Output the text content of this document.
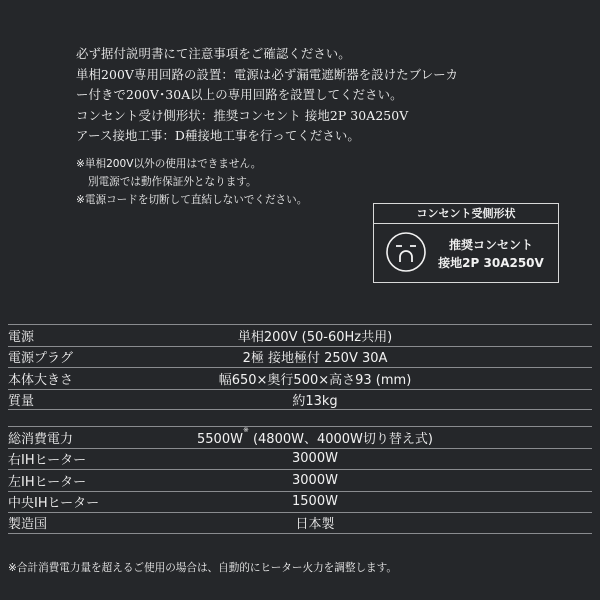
必ず据付説明書にて注意事項をご確認ください。
単相200V専用回路の設置：電源は必ず漏電遮断器を設けたブレーカ
ー付きで200V･30A以上の専用回路を設置してください。
コンセント受け側形状：推奨コンセント 接地2P 30A250V
アース接地工事：D種接地工事を行ってください。
※単相200V以外の使用はできません。
別電源では動作保証外となります。
※電源コードを切断して直結しないでください。
コンセント受側形状
推奨コンセント
接地2P 30A250V
電源	単相200V (50-60Hz共用)
電源プラグ	2極 接地極付 250V 30A
本体大きさ	幅650×奥行500×高さ93 (mm)
質量	約13kg
総消費電力	5500W※ (4800W、4000W切り替え式)
右IHヒーター	3000W
左IHヒーター	3000W
中央IHヒーター	1500W
製造国	日本製
※合計消費電力量を超えるご使用の場合は、自動的にヒーター火力を調整します。
